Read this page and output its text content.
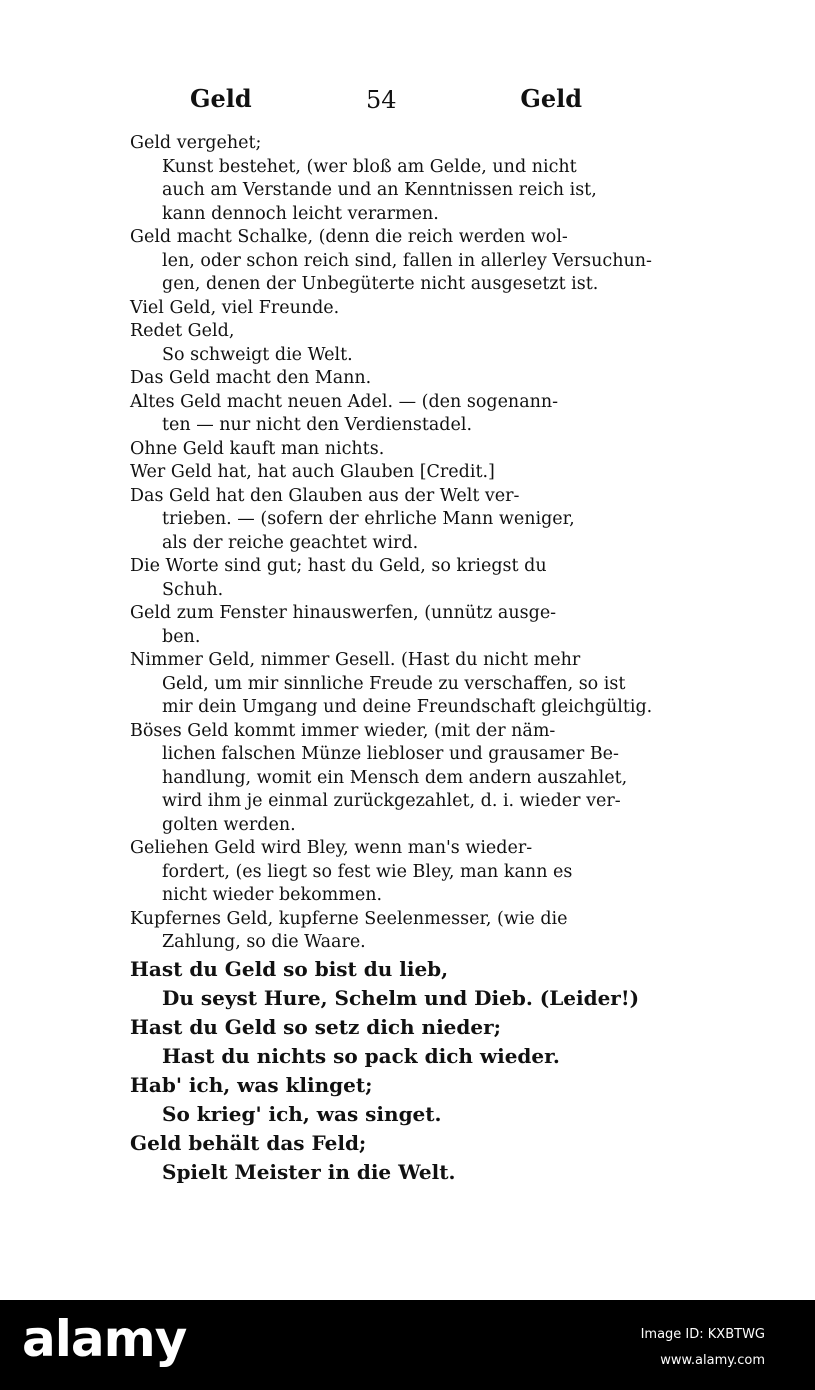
Geld	54	Geld
Geld vergehet;
Kunst bestehet, (wer bloß am Gelde, und nicht
auch am Verstande und an Kenntnissen reich ist,
kann dennoch leicht verarmen.
Geld macht Schalke, (denn die reich werden wol-
len, oder schon reich sind, fallen in allerley Versuchun-
gen, denen der Unbegüterte nicht ausgesetzt ist.
Viel Geld, viel Freunde.
Redet Geld,
So schweigt die Welt.
Das Geld macht den Mann.
Altes Geld macht neuen Adel. — (den sogenann-
ten — nur nicht den Verdienstadel.
Ohne Geld kauft man nichts.
Wer Geld hat, hat auch Glauben [Credit.]
Das Geld hat den Glauben aus der Welt ver-
trieben. — (sofern der ehrliche Mann weniger,
als der reiche geachtet wird.
Die Worte sind gut; hast du Geld, so kriegst du
Schuh.
Geld zum Fenster hinauswerfen, (unnütz ausge-
ben.
Nimmer Geld, nimmer Gesell. (Hast du nicht mehr
Geld, um mir sinnliche Freude zu verschaffen, so ist
mir dein Umgang und deine Freundschaft gleichgültig.
Böses Geld kommt immer wieder, (mit der näm-
lichen falschen Münze liebloser und grausamer Be-
handlung, womit ein Mensch dem andern auszahlet,
wird ihm je einmal zurückgezahlet, d. i. wieder ver-
golten werden.
Geliehen Geld wird Bley, wenn man's wieder-
fordert, (es liegt so fest wie Bley, man kann es
nicht wieder bekommen.
Kupfernes Geld, kupferne Seelenmesser, (wie die
Zahlung, so die Waare.
Hast du Geld so bist du lieb,
Du seyst Hure, Schelm und Dieb. (Leider!)
Hast du Geld so setz dich nieder;
Hast du nichts so pack dich wieder.
Hab' ich, was klinget;
So krieg' ich, was singet.
Geld behält das Feld;
Spielt Meister in die Welt.
alamy	Image ID: KXBTWG
www.alamy.com
